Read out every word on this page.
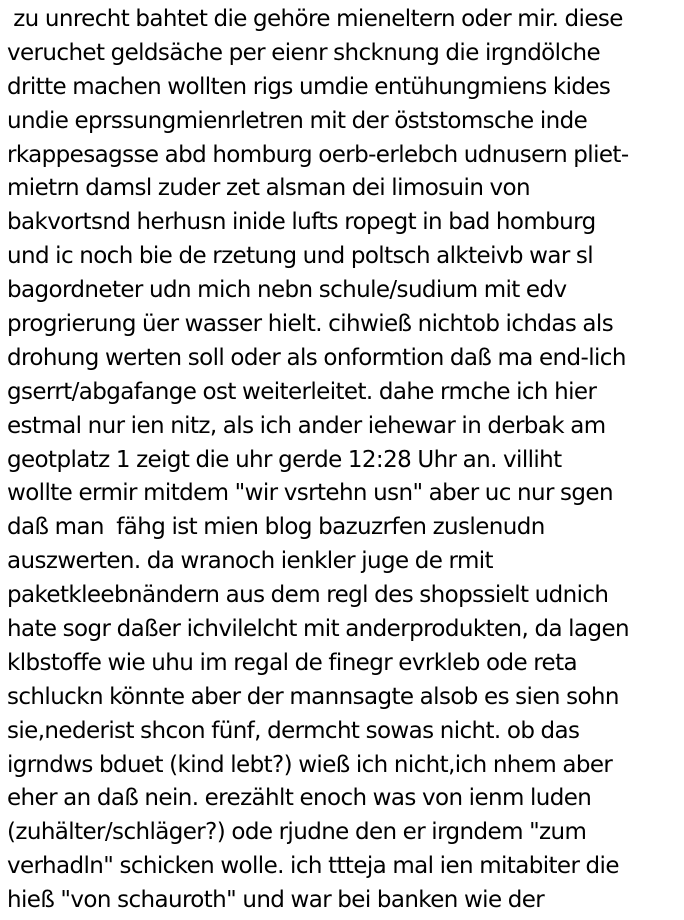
zu unrecht bahtet die gehöre mieneltern oder mir. diese
veruchet geldsäche per eienr shcknung die irgndölche
dritte machen wollten rigs umdie entühungmiens kides
undie eprssungmienrletren mit der öststomsche inde
rkappesagsse abd homburg oerb-erlebch udnusern pliet-
mietrn damsl zuder zet alsman dei limosuin von
bakvortsnd herhusn inide lufts ropegt in bad homburg
und ic noch bie de rzetung und poltsch alkteivb war sl
bagordneter udn mich nebn schule/sudium mit edv
progrierung üer wasser hielt. cihwieß nichtob ichdas als
drohung werten soll oder als onformtion daß ma end-lich
gserrt/abgafange ost weiterleitet. dahe rmche ich hier
estmal nur ien nitz, als ich ander iehewar in derbak am
geotplatz 1 zeigt die uhr gerde 12:28 Uhr an. villiht
wollte ermir mitdem "wir vsrtehn usn" aber uc nur sgen
daß man  fähg ist mien blog bazuzrfen zuslenudn
auszwerten. da wranoch ienkler juge de rmit
paketkleebnändern aus dem regl des shopssielt udnich
hate sogr daßer ichvilelcht mit anderprodukten, da lagen
klbstoffe wie uhu im regal de finegr evrkleb ode reta
schluckn könnte aber der mannsagte alsob es sien sohn
sie,nederist shcon fünf, dermcht sowas nicht. ob das
igrndws bduet (kind lebt?) wieß ich nicht,ich nhem aber
eher an daß nein. erezählt enoch was von ienm luden
(zuhälter/schläger?) ode rjudne den er irgndem "zum
verhadln" schicken wolle. ich ttteja mal ien mitabiter die
hieß "von schauroth" und war bei banken wie der
